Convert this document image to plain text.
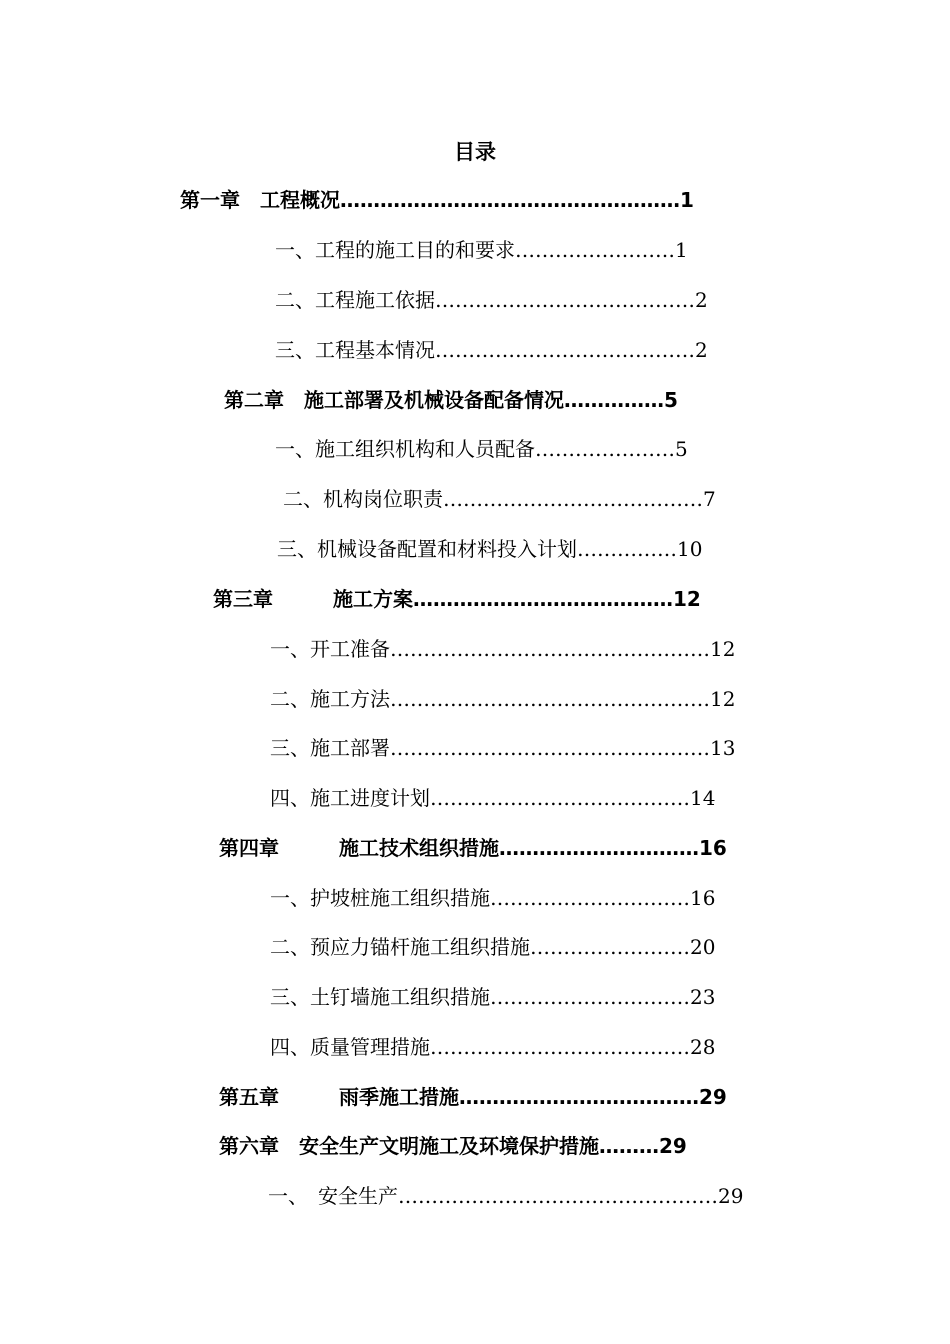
目录
第一章　工程概况……………………………………………1
一、工程的施工目的和要求……………………1
二、工程施工依据…………………………………2
三、工程基本情况…………………………………2
第二章　施工部署及机械设备配备情况……………5
一、施工组织机构和人员配备…………………5
二、机构岗位职责…………………………………7
三、机械设备配置和材料投入计划……………10
第三章　　　施工方案…………………………………12
一、开工准备…………………………………………12
二、施工方法…………………………………………12
三、施工部署…………………………………………13
四、施工进度计划…………………………………14
第四章　　　施工技术组织措施…………………………16
一、护坡桩施工组织措施…………………………16
二、预应力锚杆施工组织措施……………………20
三、土钉墙施工组织措施…………………………23
四、质量管理措施…………………………………28
第五章　　　雨季施工措施………………………………29
第六章　安全生产文明施工及环境保护措施………29
一、　安全生产…………………………………………29
